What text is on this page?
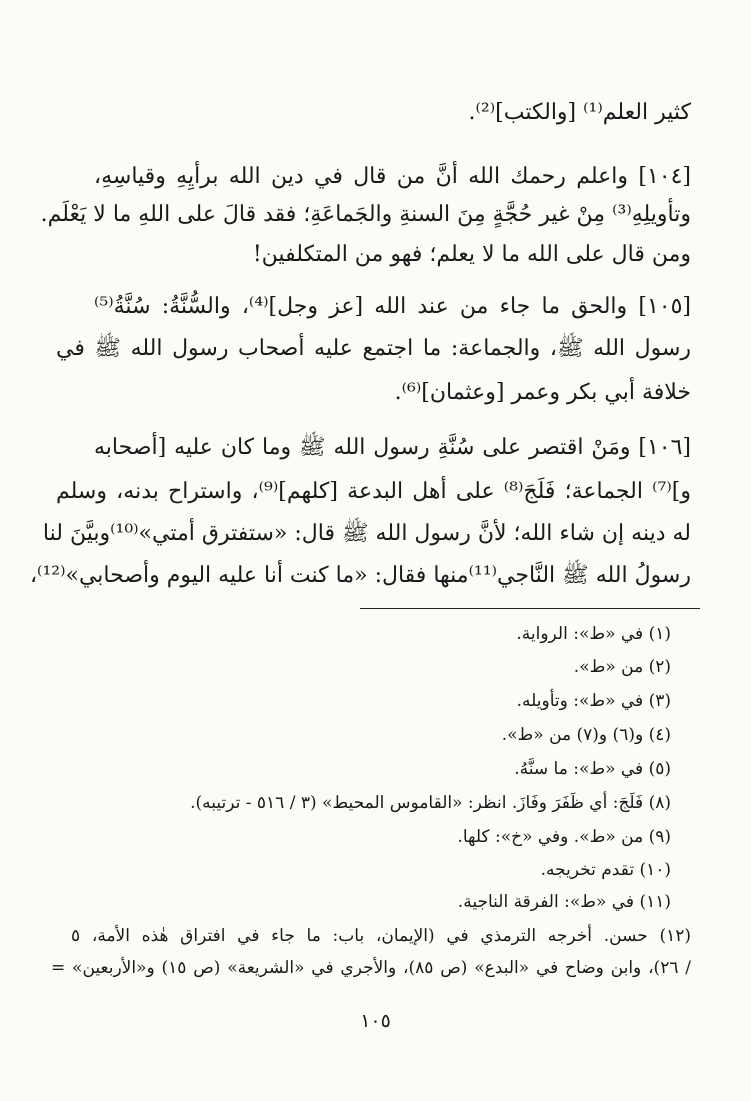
كثير العلم⁽¹⁾ [والكتب]⁽²⁾.
[١٠٤] واعلم رحمك الله أنَّ من قال في دين الله برأيِهِ وقياسِهِ،
وتأويلِهِ⁽³⁾ مِنْ غير حُجَّةٍ مِنَ السنةِ والجَماعَةِ؛ فقد قالَ على اللهِ ما لا يَعْلَم.
ومن قال على الله ما لا يعلم؛ فهو من المتكلفين!
[١٠٥] والحق ما جاء من عند الله [عز وجل]⁽⁴⁾، والسُّنَّةُ: سُنَّةُ⁽⁵⁾
رسول الله ﷺ، والجماعة: ما اجتمع عليه أصحاب رسول الله ﷺ في
خلافة أبي بكر وعمر [وعثمان]⁽⁶⁾.
[١٠٦] ومَنْ اقتصر على سُنَّةِ رسول الله ﷺ وما كان عليه [أصحابه
و]⁽⁷⁾ الجماعة؛ فَلَجَ⁽⁸⁾ على أهل البدعة [كلهم]⁽⁹⁾، واستراح بدنه، وسلم
له دينه إن شاء الله؛ لأنَّ رسول الله ﷺ قال: «ستفترق أمتي»⁽¹⁰⁾وبيَّنَ لنا
رسولُ الله ﷺ النَّاجي⁽¹¹⁾منها فقال: «ما كنت أنا عليه اليوم وأصحابي»⁽¹²⁾،
(١) في «ط»: الرواية.
(٢) من «ط».
(٣) في «ط»: وتأويله.
(٤) و(٦) و(٧) من «ط».
(٥) في «ط»: ما سنَّهُ.
(٨) فَلَجَ: أي ظَفَرَ وفَازَ. انظر: «القاموس المحيط» (٣ / ٥١٦ - ترتيبه).
(٩) من «ط». وفي «خ»: كلها.
(١٠) تقدم تخريجه.
(١١) في «ط»: الفرقة الناجية.
(١٢) حسن. أخرجه الترمذي في (الإيمان، باب: ما جاء في افتراق هٰذه الأمة، ٥
/ ٢٦)، وابن وضاح في «البدع» (ص ٨٥)، والأجري في «الشريعة» (ص ١٥) و«الأربعين» =
١٠٥
